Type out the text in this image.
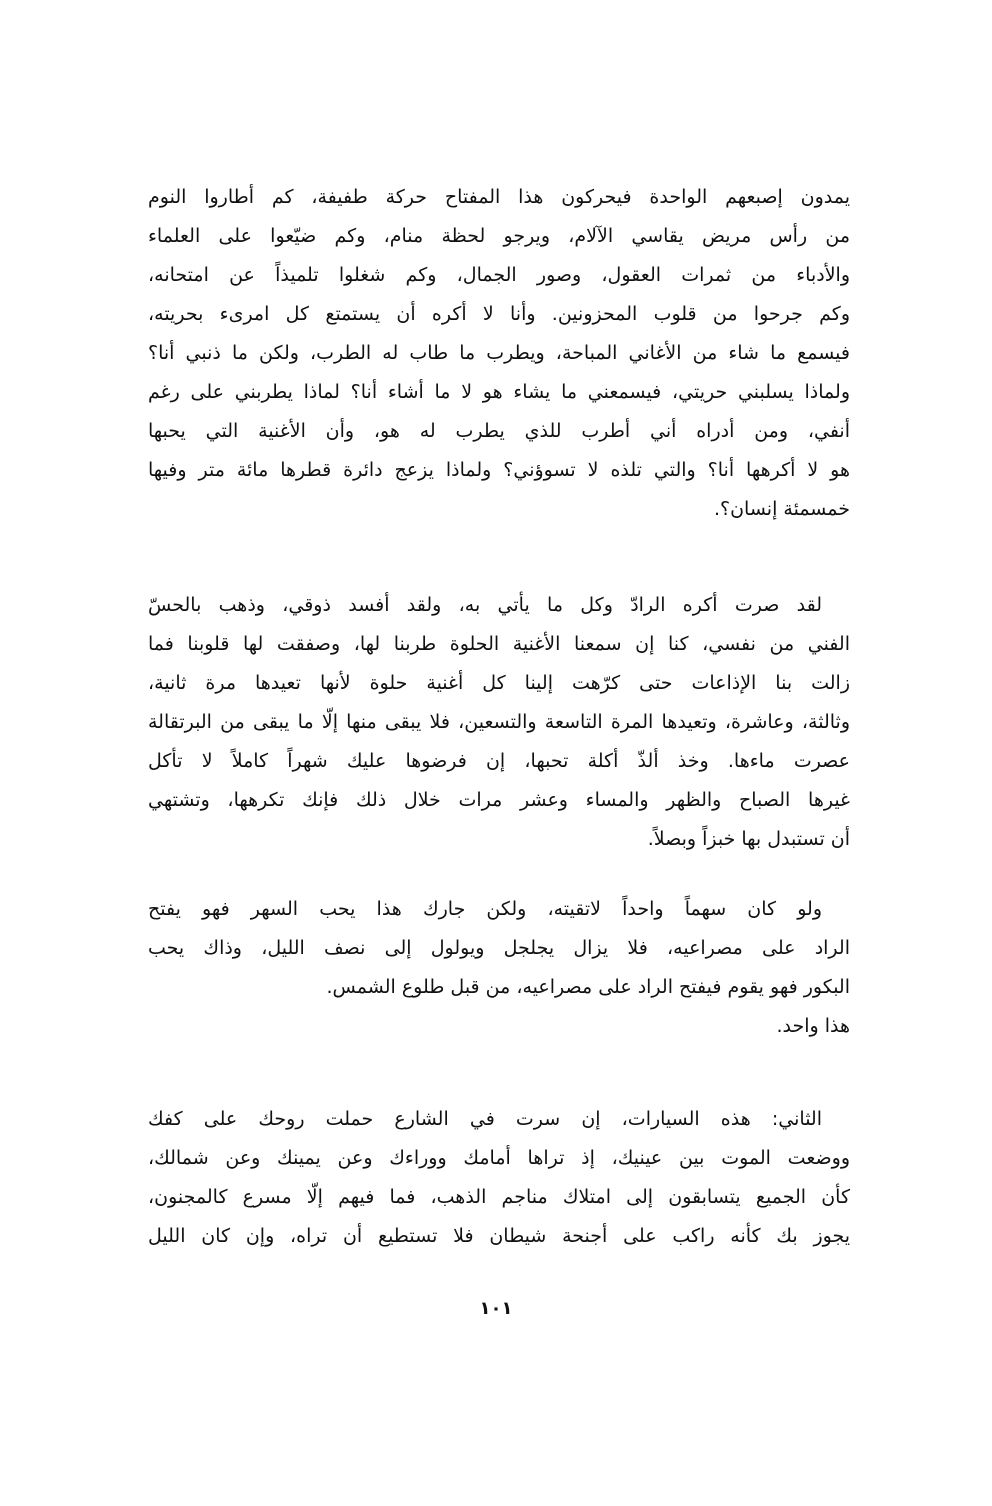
يمدون إصبعهم الواحدة فيحركون هذا المفتاح حركة طفيفة، كم أطاروا النوم
من رأس مريض يقاسي الآلام، ويرجو لحظة منام، وكم ضيّعوا على العلماء
والأدباء من ثمرات العقول، وصور الجمال، وكم شغلوا تلميذاً عن امتحانه،
وكم جرحوا من قلوب المحزونين. وأنا لا أكره أن يستمتع كل امرىء بحريته،
فيسمع ما شاء من الأغاني المباحة، ويطرب ما طاب له الطرب، ولكن ما ذنبي أنا؟
ولماذا يسلبني حريتي، فيسمعني ما يشاء هو لا ما أشاء أنا؟ لماذا يطربني على رغم
أنفي، ومن أدراه أني أطرب للذي يطرب له هو، وأن الأغنية التي يحبها
هو لا أكرهها أنا؟ والتي تلذه لا تسوؤني؟ ولماذا يزعج دائرة قطرها مائة متر وفيها
خمسمئة إنسان؟.
لقد صرت أكره الرادّ وكل ما يأتي به، ولقد أفسد ذوقي، وذهب بالحسّ
الفني من نفسي، كنا إن سمعنا الأغنية الحلوة طربنا لها، وصفقت لها قلوبنا فما
زالت بنا الإذاعات حتى كرّهت إلينا كل أغنية حلوة لأنها تعيدها مرة ثانية،
وثالثة، وعاشرة، وتعيدها المرة التاسعة والتسعين، فلا يبقى منها إلّا ما يبقى من البرتقالة
عصرت ماءها. وخذ ألذّ أكلة تحبها، إن فرضوها عليك شهراً كاملاً لا تأكل
غيرها الصباح والظهر والمساء وعشر مرات خلال ذلك فإنك تكرهها، وتشتهي
أن تستبدل بها خبزاً وبصلاً.
ولو كان سهماً واحداً لاتقيته، ولكن جارك هذا يحب السهر فهو يفتح
الراد على مصراعيه، فلا يزال يجلجل ويولول إلى نصف الليل، وذاك يحب
البكور فهو يقوم فيفتح الراد على مصراعيه، من قبل طلوع الشمس.
هذا واحد.
الثاني: هذه السيارات، إن سرت في الشارع حملت روحك على كفك
ووضعت الموت بين عينيك، إذ تراها أمامك ووراءك وعن يمينك وعن شمالك،
كأن الجميع يتسابقون إلى امتلاك مناجم الذهب، فما فيهم إلّا مسرع كالمجنون،
يجوز بك كأنه راكب على أجنحة شيطان فلا تستطيع أن تراه، وإن كان الليل
١٠١
